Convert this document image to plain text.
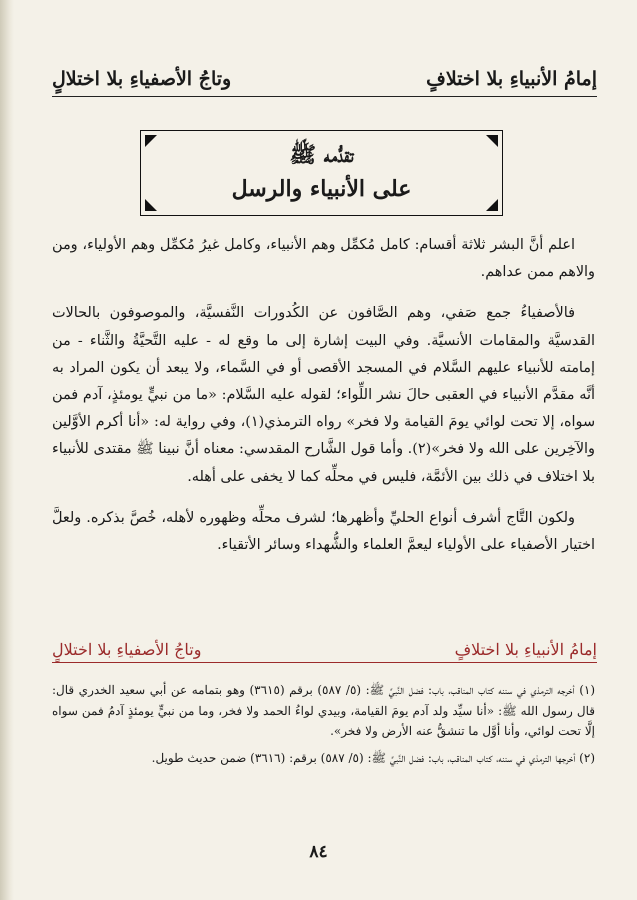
إمامُ الأنبياءِ بلا اختلافٍ
وتاجُ الأصفياءِ بلا اختلالٍ
تقدُّمه ﷺ
على الأنبياء والرسل

اعلم أنَّ البشر ثلاثة أقسام: كامل مُكمِّل وهم الأنبياء، وكامل غيرُ مُكمِّل وهم الأولياء، ومن والاهم ممن عداهم.

فالأصفياءُ جمع صَفي، وهم الصَّافون عن الكُدورات النَّفسيَّة، والموصوفون بالحالات القدسيَّة والمقامات الأنسيَّة. وفي البيت إشارة إلى ما وقع له - عليه التَّحيَّةُ والثَّناء - من إمامته للأنبياء عليهم السَّلام في المسجد الأقصى أو في السَّماء، ولا يبعد أن يكون المراد به أنَّه مقدَّم الأنبياء في العقبى حالَ نشر اللِّواء؛ لقوله عليه السَّلام: «ما من نبيٍّ يومئذٍ، آدم فمن سواه، إلا تحت لوائي يومَ القيامة ولا فخر» رواه الترمذي(١)، وفي رواية له: «أنا أكرم الأوَّلين والآخِرين على الله ولا فخر»(٢). وأما قول الشَّارح المقدسي: معناه أنَّ نبينا ﷺ مقتدى للأنبياء بلا اختلاف في ذلك بين الأئمَّة، فليس في محلِّه كما لا يخفى على أهله.

ولكون التَّاج أشرف أنواع الحليِّ وأظهرها؛ لشرف محلِّه وظهوره لأهله، خُصَّ بذكره. ولعلَّ اختيار الأصفياء على الأولياء ليعمَّ العلماء والشُّهداء وسائر الأتقياء.

إمامُ الأنبياءِ بلا اختلافٍ
وتاجُ الأصفياءِ بلا اختلالٍ
(١) أخرجه الترمذي في سننه كتاب المناقب، باب: فضل النَّبيِّ ﷺ: (٥/ ٥٨٧) برقم (٣٦١٥) وهو بتمامه عن أبي سعيد الخدري قال: قال رسول الله ﷺ: «أنا سيِّد ولد آدم يومَ القيامة، وبيدي لواءُ الحمد ولا فخر، وما من نبيٍّ يومئذٍ آدمُ فمن سواه إلَّا تحت لوائي، وأنا أوَّل ما تنشقُّ عنه الأرض ولا فخر».
(٢) أخرجها الترمذي في سننه، كتاب المناقب، باب: فضل النَّبيِّ ﷺ: (٥/ ٥٨٧) برقم: (٣٦١٦) ضمن حديث طويل.
٨٤
